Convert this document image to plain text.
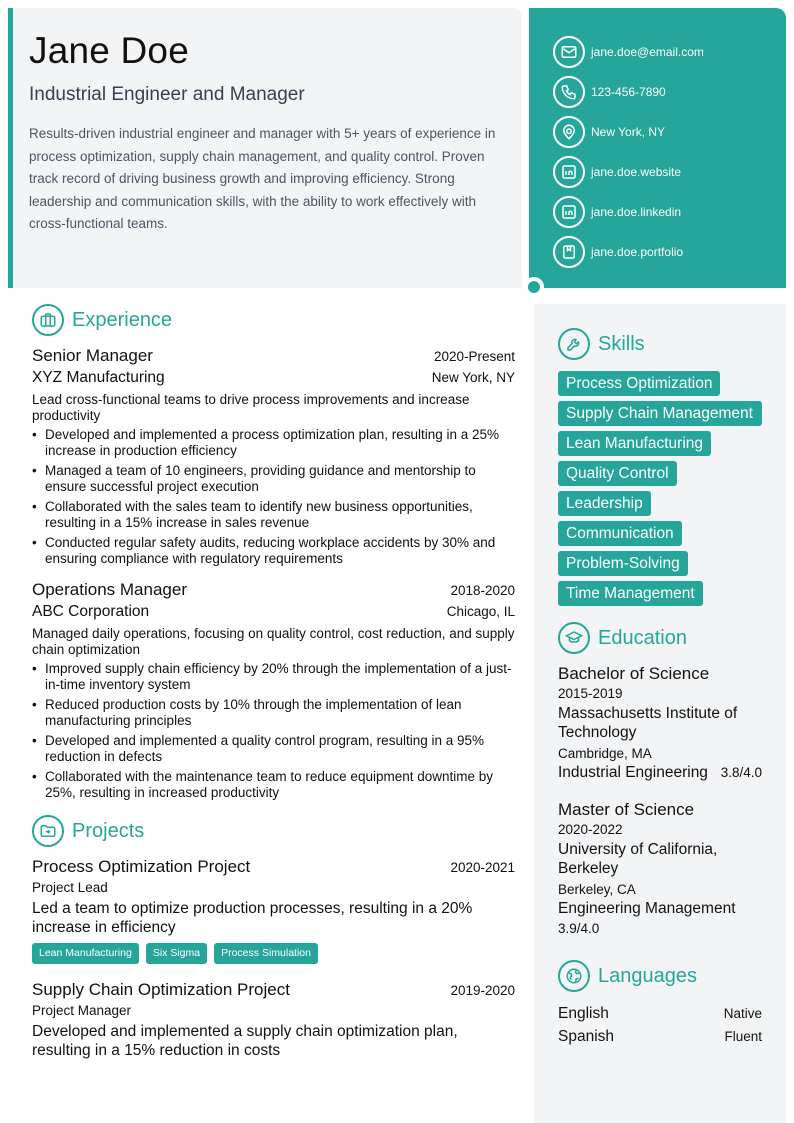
Jane Doe
Industrial Engineer and Manager
Results-driven industrial engineer and manager with 5+ years of experience in process optimization, supply chain management, and quality control. Proven track record of driving business growth and improving efficiency. Strong leadership and communication skills, with the ability to work effectively with cross-functional teams.
jane.doe@email.com
123-456-7890
New York, NY
jane.doe.website
jane.doe.linkedin
jane.doe.portfolio
Experience
Senior Manager	2020-Present
XYZ Manufacturing	New York, NY
Lead cross-functional teams to drive process improvements and increase productivity
• Developed and implemented a process optimization plan, resulting in a 25% increase in production efficiency
• Managed a team of 10 engineers, providing guidance and mentorship to ensure successful project execution
• Collaborated with the sales team to identify new business opportunities, resulting in a 15% increase in sales revenue
• Conducted regular safety audits, reducing workplace accidents by 30% and ensuring compliance with regulatory requirements
Operations Manager	2018-2020
ABC Corporation	Chicago, IL
Managed daily operations, focusing on quality control, cost reduction, and supply chain optimization
• Improved supply chain efficiency by 20% through the implementation of a just-in-time inventory system
• Reduced production costs by 10% through the implementation of lean manufacturing principles
• Developed and implemented a quality control program, resulting in a 95% reduction in defects
• Collaborated with the maintenance team to reduce equipment downtime by 25%, resulting in increased productivity
Projects
Process Optimization Project	2020-2021
Project Lead
Led a team to optimize production processes, resulting in a 20% increase in efficiency
Lean Manufacturing	Six Sigma	Process Simulation
Supply Chain Optimization Project	2019-2020
Project Manager
Developed and implemented a supply chain optimization plan, resulting in a 15% reduction in costs
Skills
Process Optimization
Supply Chain Management
Lean Manufacturing
Quality Control
Leadership
Communication
Problem-Solving
Time Management
Education
Bachelor of Science
2015-2019
Massachusetts Institute of Technology
Cambridge, MA
Industrial Engineering 3.8/4.0
Master of Science
2020-2022
University of California, Berkeley
Berkeley, CA
Engineering Management
3.9/4.0
Languages
English	Native
Spanish	Fluent
